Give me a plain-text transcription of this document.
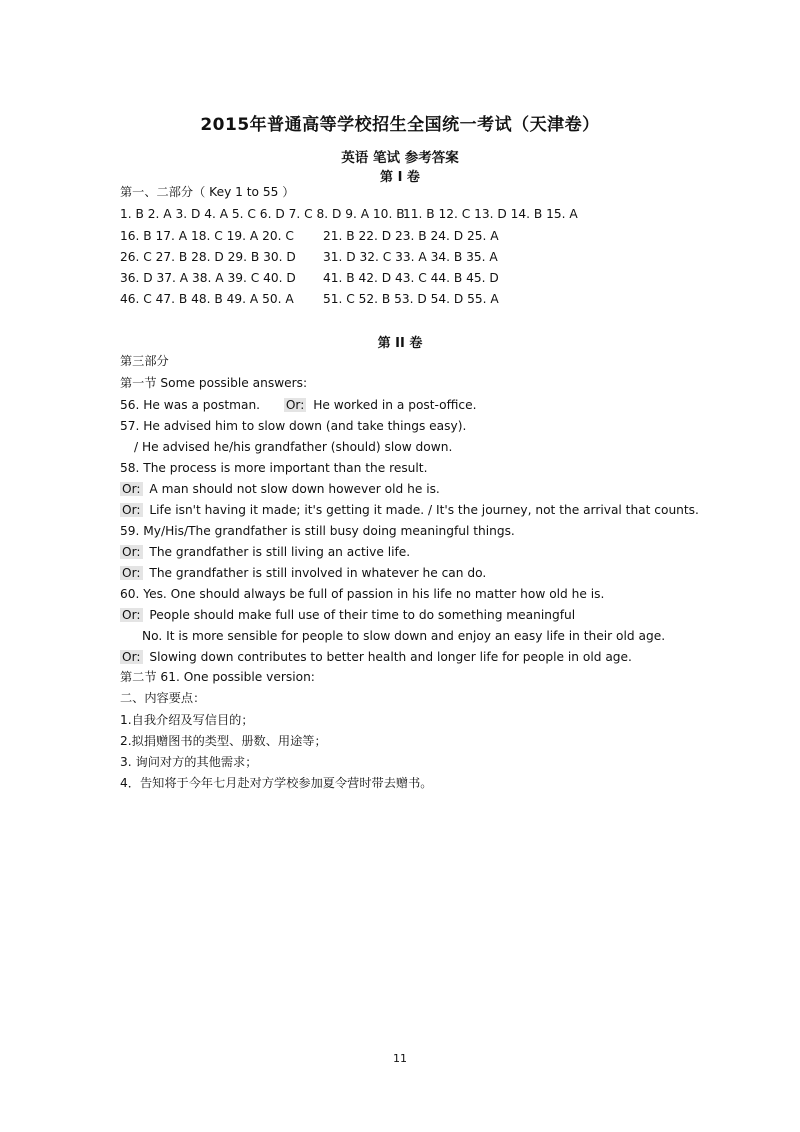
2015年普通高等学校招生全国统一考试（天津卷）
英语 笔试 参考答案
第 I 卷
第一、二部分（ Key 1 to 55 ）
1. B 2. A 3. D 4. A 5. C 6. D 7. C 8. D 9. A 10. B
11. B 12. C 13. D 14. B 15. A
16. B 17. A 18. C 19. A 20. C 21. B 22. D 23. B 24. D 25. A
26. C 27. B 28. D 29. B 30. D 31. D 32. C 33. A 34. B 35. A
36. D 37. A 38. A 39. C 40. D 41. B 42. D 43. C 44. B 45. D
46. C 47. B 48. B 49. A 50. A 51. C 52. B 53. D 54. D 55. A
第 II 卷
第三部分
第一节 Some possible answers:
56. He was a postman. Or: He worked in a post-office.
57. He advised him to slow down (and take things easy).
/ He advised he/his grandfather (should) slow down.
58. The process is more important than the result.
Or: A man should not slow down however old he is.
Or: Life isn't having it made; it's getting it made. / It's the journey, not the arrival that counts.
59. My/His/The grandfather is still busy doing meaningful things.
Or: The grandfather is still living an active life.
Or: The grandfather is still involved in whatever he can do.
60. Yes. One should always be full of passion in his life no matter how old he is.
Or: People should make full use of their time to do something meaningful
No. It is more sensible for people to slow down and enjoy an easy life in their old age.
Or: Slowing down contributes to better health and longer life for people in old age.
第二节 61. One possible version:
二、内容要点：
1.自我介绍及写信目的；
2.拟捐赠图书的类型、册数、用途等；
3. 询问对方的其他需求；
4．告知将于今年七月赴对方学校参加夏令营时带去赠书。
11
